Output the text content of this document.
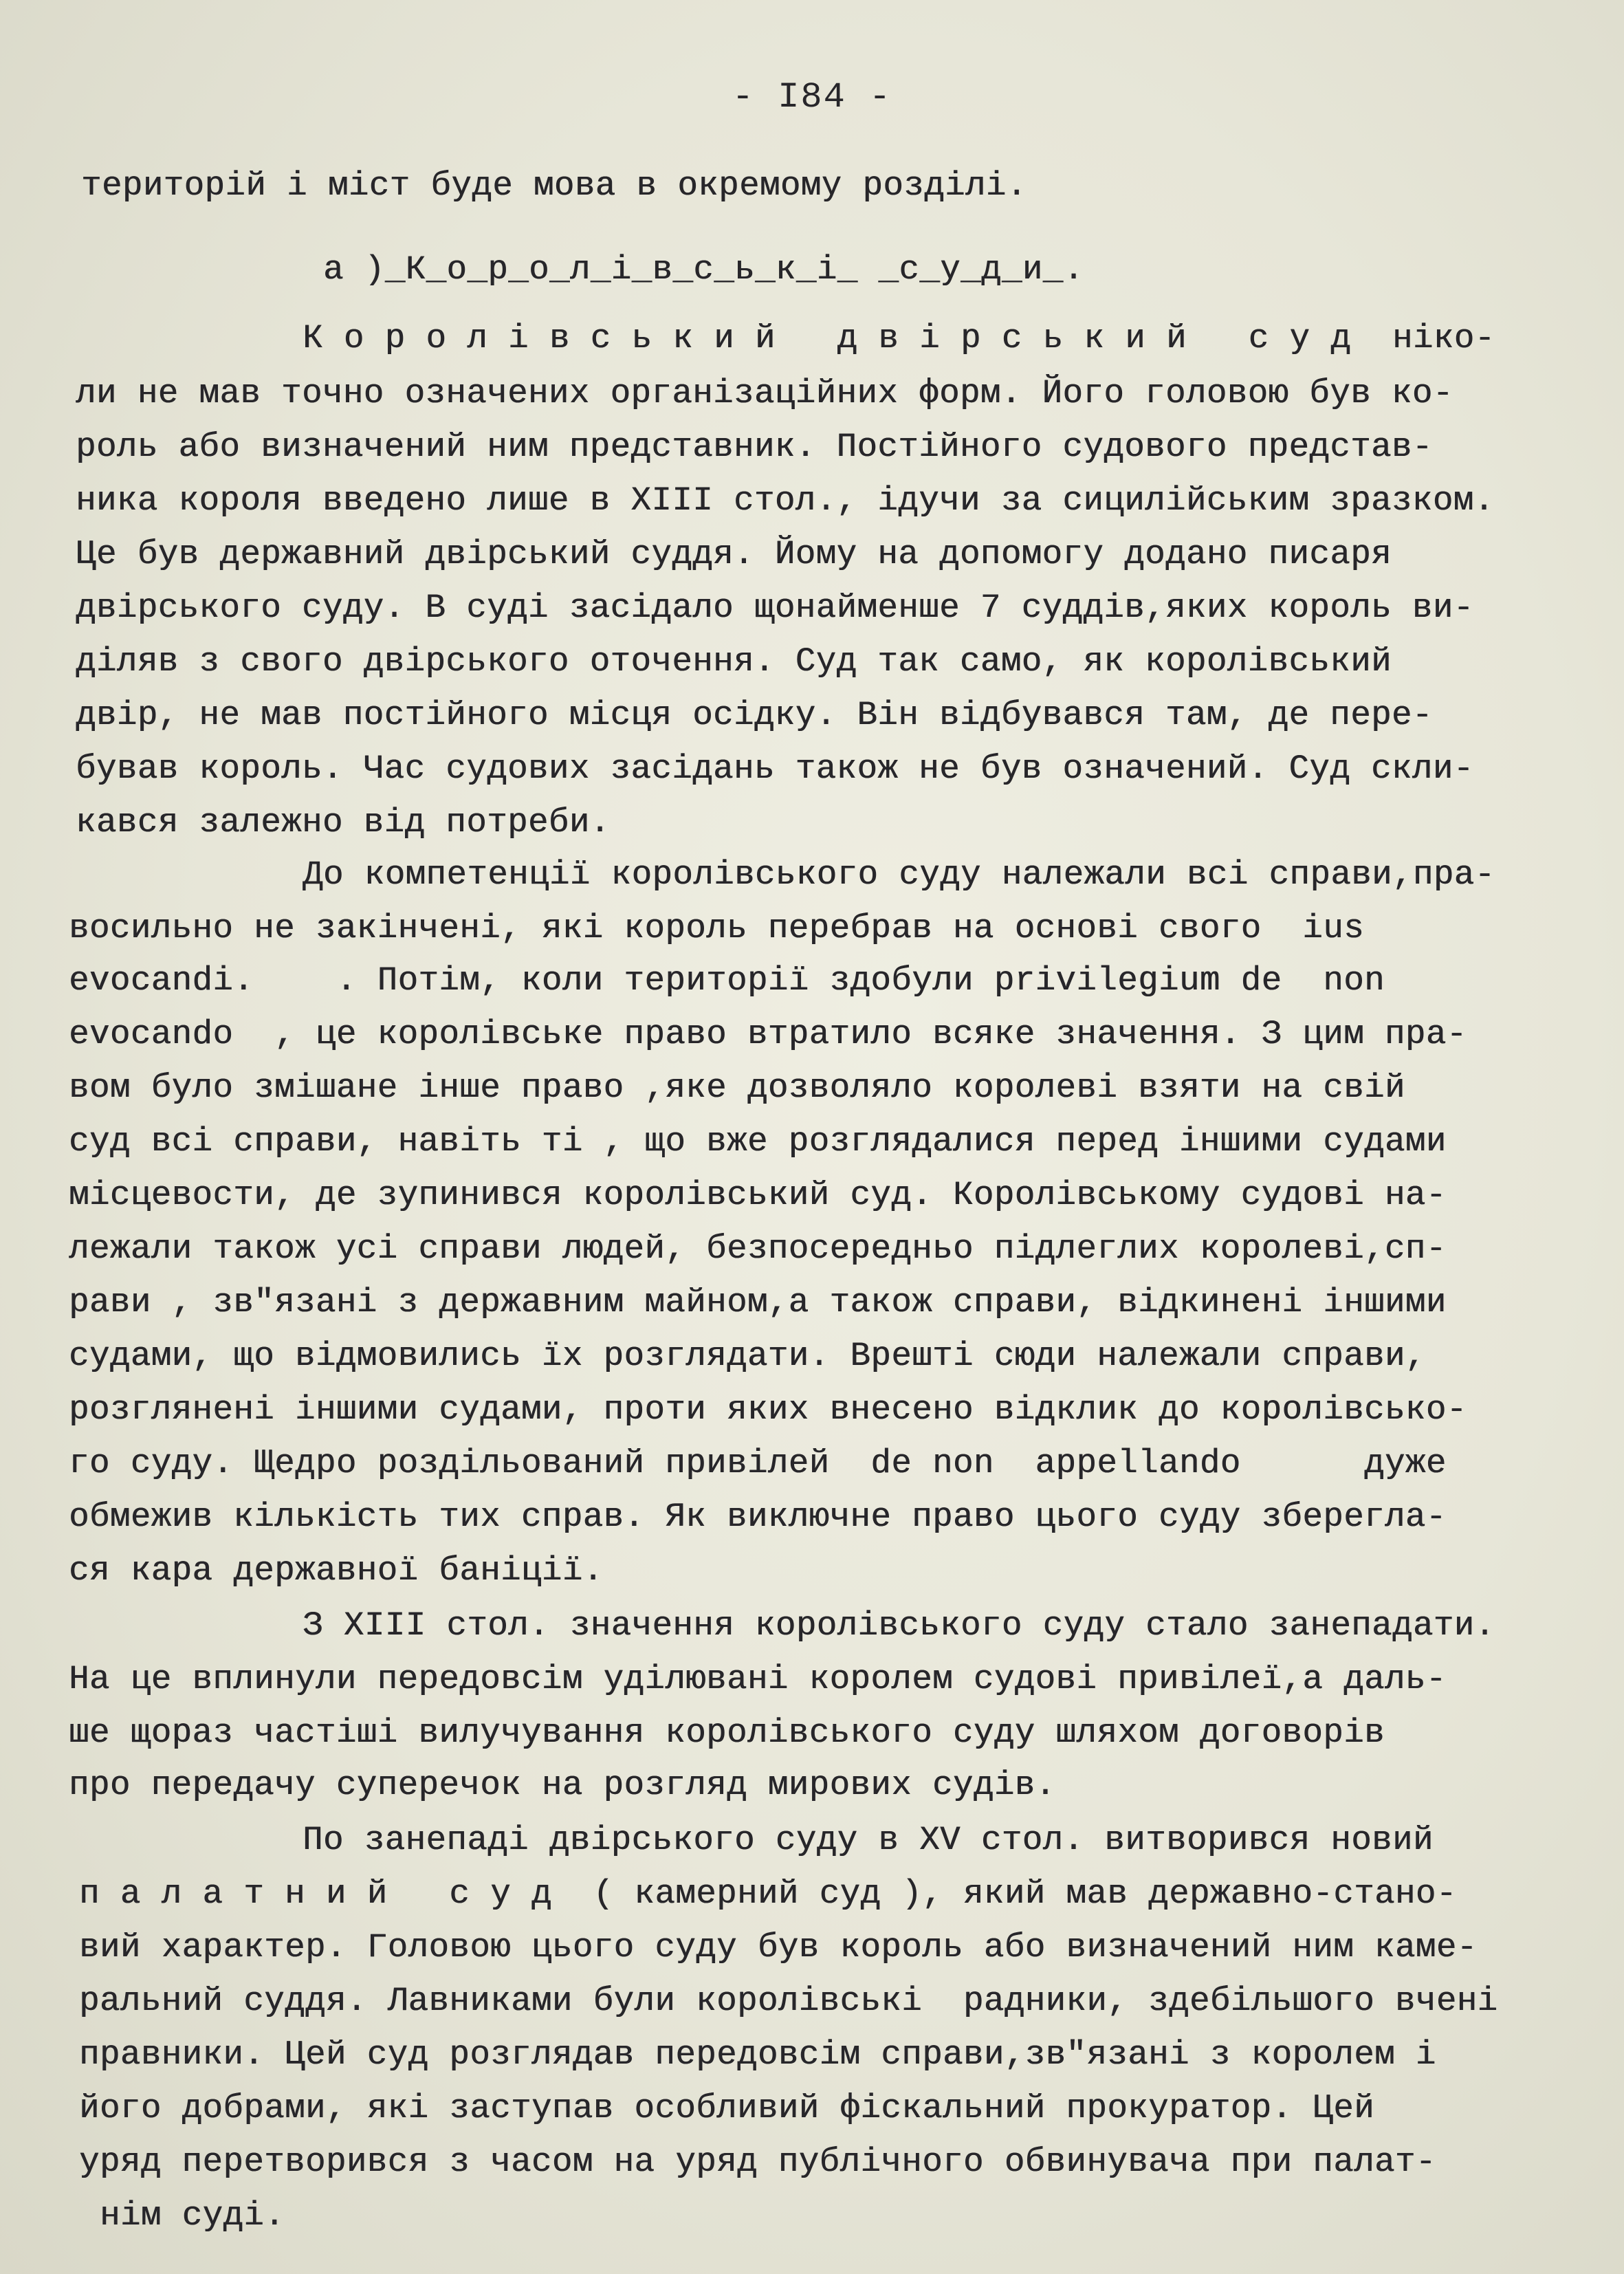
- I84 -
територій і міст буде мова в окремому розділі.
а )_К_о_р_о_л_і_в_с_ь_к_і_ _с_у_д_и_.
К о р о л і в с ь к и й   д в і р с ь к и й   с у д  ніко-
ли не мав точно означених організаційних форм. Його головою був ко-
роль або визначений ним представник. Постійного судового представ-
ника короля введено лише в XIII стол., ідучи за сицилійським зразком.
Це був державний двірський суддя. Йому на допомогу додано писаря
двірського суду. В суді засідало щонайменше 7 суддів,яких король ви-
діляв з свого двірського оточення. Суд так само, як королівський
двір, не мав постійного місця осідку. Він відбувався там, де пере-
бував король. Час судових засідань також не був означений. Суд скли-
кався залежно від потреби.
До компетенції королівського суду належали всі справи,пра-
восильно не закінчені, які король перебрав на основі свого  ius
evocandi.    . Потім, коли території здобули privilegium de  non
evocando  , це королівське право втратило всяке значення. З цим пра-
вом було змішане інше право ,яке дозволяло королеві взяти на свій
суд всі справи, навіть ті , що вже розглядалися перед іншими судами
місцевости, де зупинився королівський суд. Королівському судові на-
лежали також усі справи людей, безпосередньо підлеглих королеві,сп-
рави , зв"язані з державним майном,а також справи, відкинені іншими
судами, що відмовились їх розглядати. Врешті сюди належали справи,
розглянені іншими судами, проти яких внесено відклик до королівсько-
го суду. Щедро роздільований привілей  de non  appellando      дуже
обмежив кількість тих справ. Як виключне право цього суду зберегла-
ся кара державної баніції.
З XIII стол. значення королівського суду стало занепадати.
На це вплинули передовсім уділювані королем судові привілеї,а даль-
ше щораз частіші вилучування королівського суду шляхом договорів
про передачу суперечок на розгляд мирових судів.
По занепаді двірського суду в XV стол. витворився новий
п а л а т н и й   с у д  ( камерний суд ), який мав державно-стано-
вий характер. Головою цього суду був король або визначений ним каме-
ральний суддя. Лавниками були королівські  радники, здебільшого вчені
правники. Цей суд розглядав передовсім справи,зв"язані з королем і
його добрами, які заступав особливий фіскальний прокуратор. Цей
уряд перетворився з часом на уряд публічного обвинувача при палат-
нім суді.
